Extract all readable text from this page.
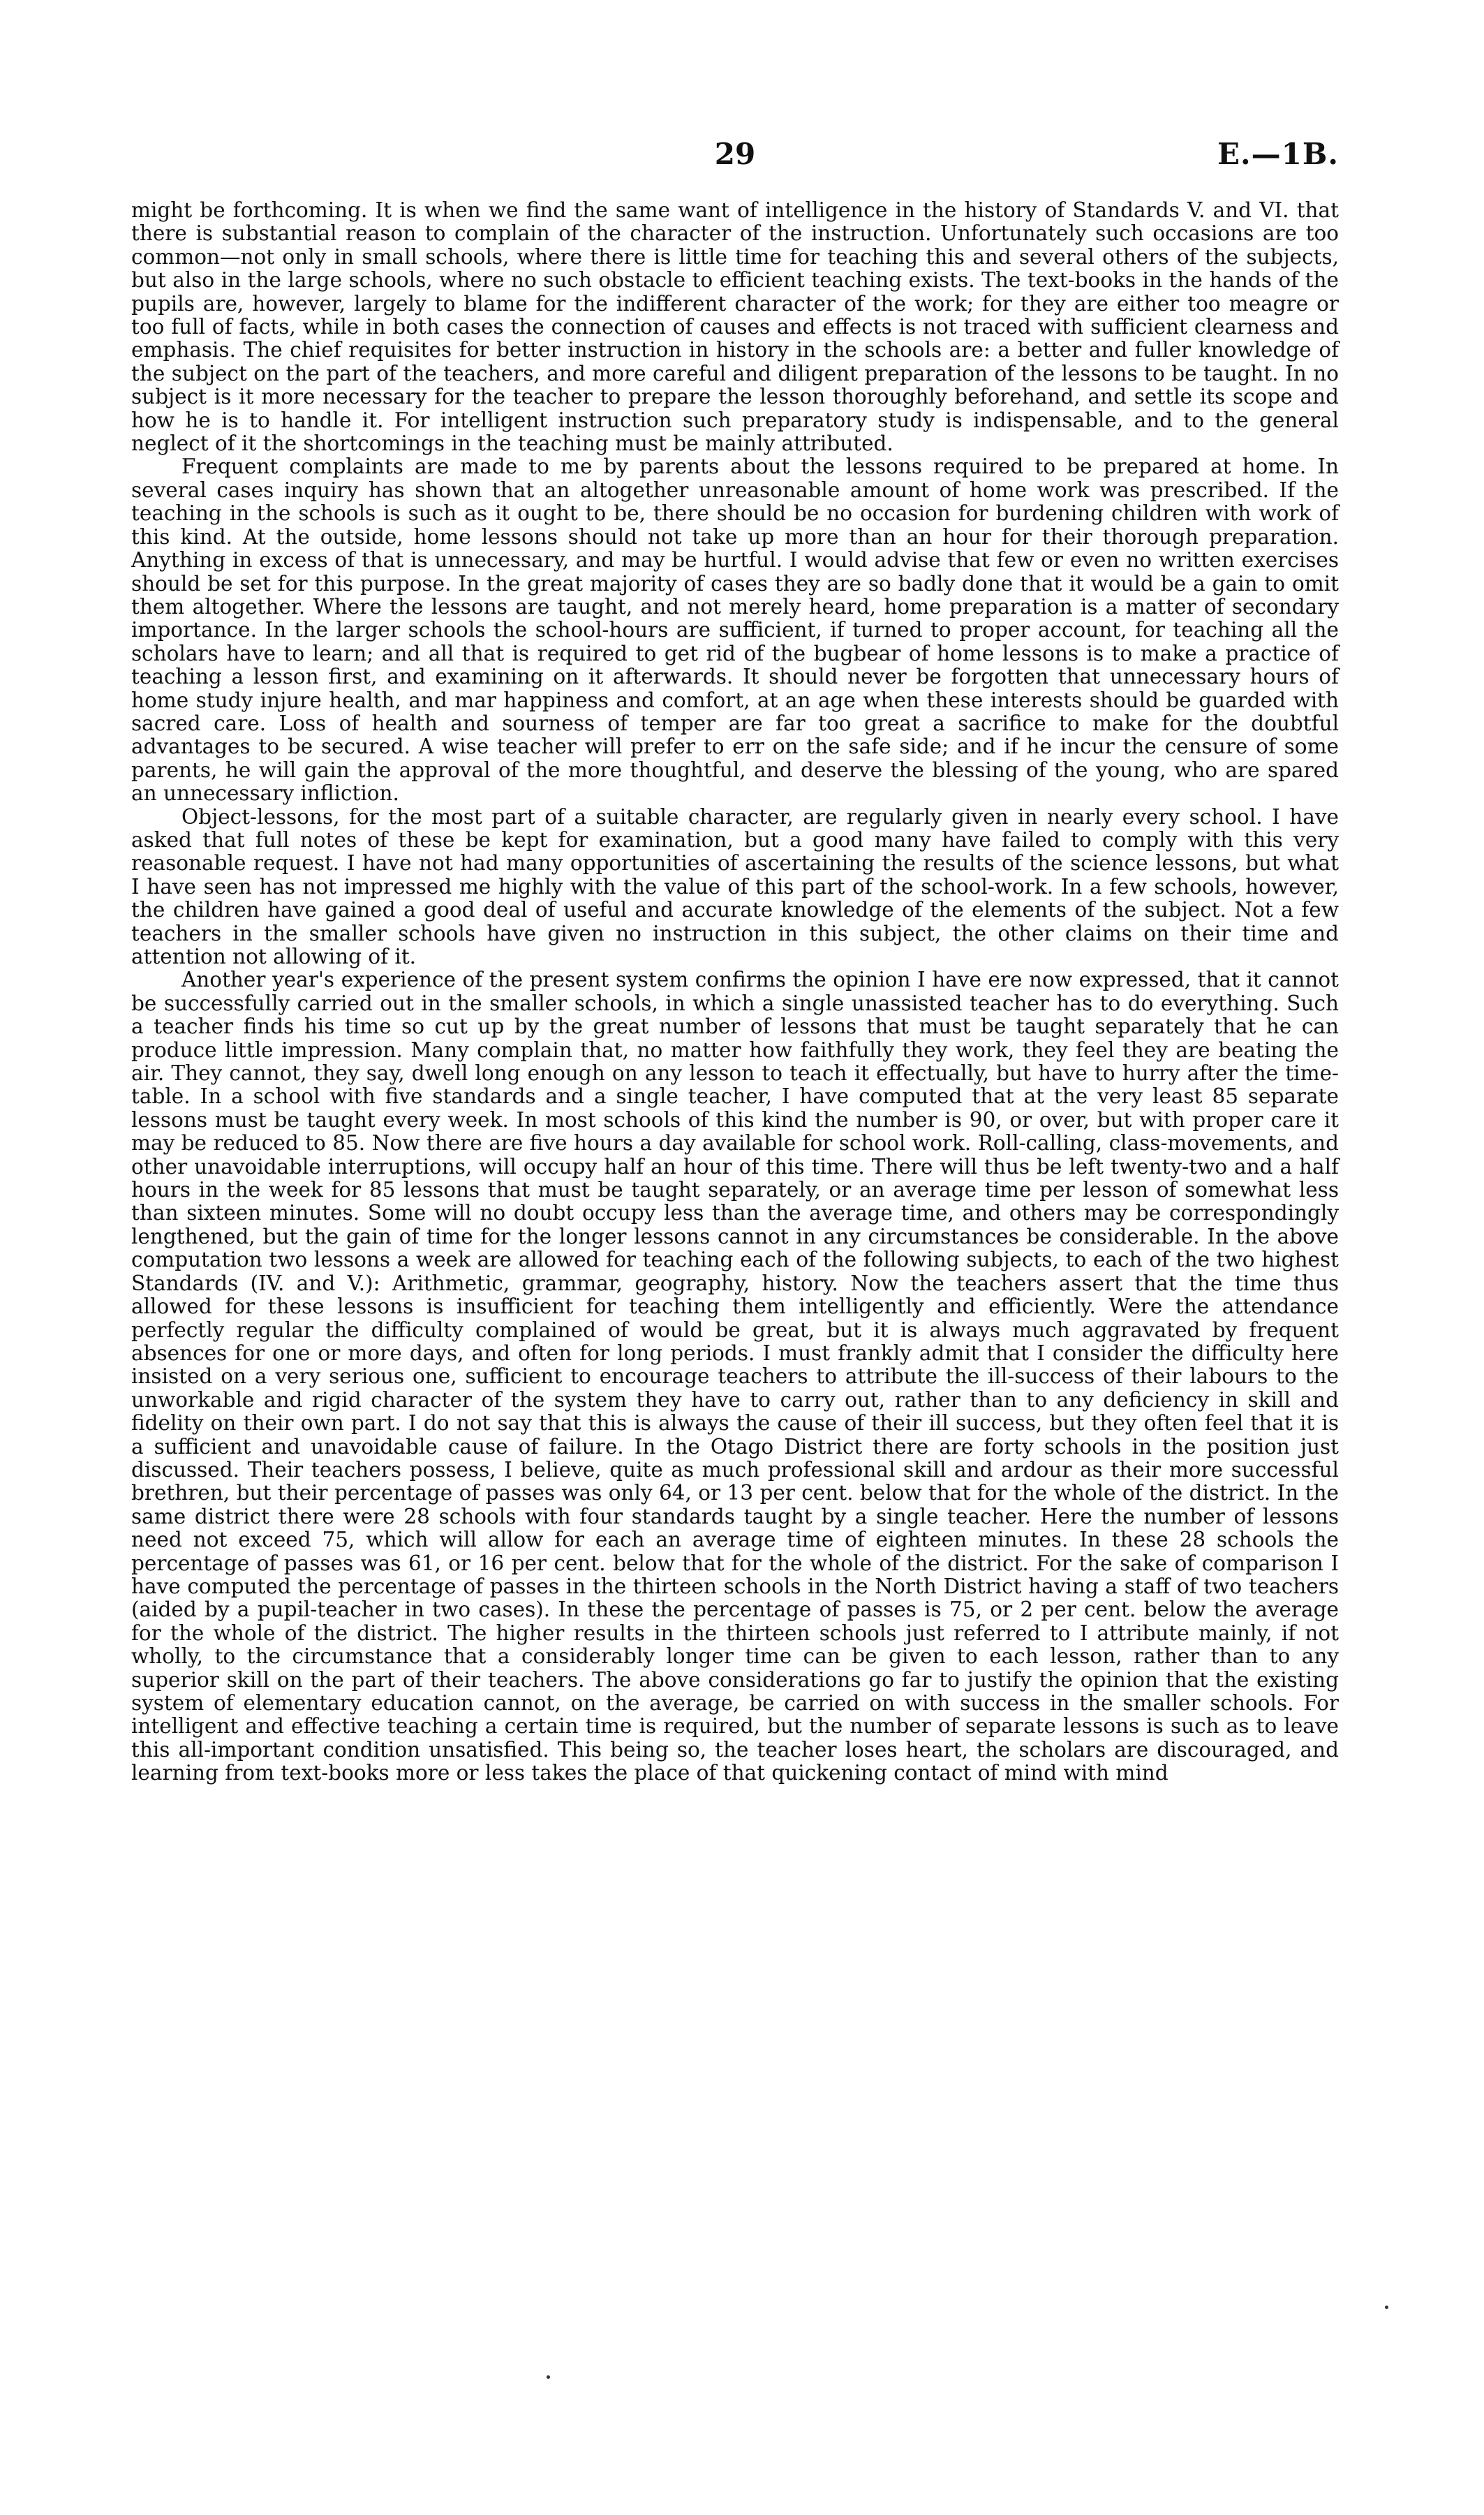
29	E.—1B.

might be forthcoming. It is when we find the same want of intelligence in the history of Standards V. and VI. that there is substantial reason to complain of the character of the instruction. Unfortunately such occasions are too common—not only in small schools, where there is little time for teaching this and several others of the subjects, but also in the large schools, where no such obstacle to efficient teaching exists. The text-books in the hands of the pupils are, however, largely to blame for the indifferent character of the work; for they are either too meagre or too full of facts, while in both cases the connection of causes and effects is not traced with sufficient clearness and emphasis. The chief requisites for better instruction in history in the schools are: a better and fuller knowledge of the subject on the part of the teachers, and more careful and diligent preparation of the lessons to be taught. In no subject is it more necessary for the teacher to prepare the lesson thoroughly beforehand, and settle its scope and how he is to handle it. For intelligent instruction such preparatory study is indispensable, and to the general neglect of it the shortcomings in the teaching must be mainly attributed.

Frequent complaints are made to me by parents about the lessons required to be prepared at home. In several cases inquiry has shown that an altogether unreasonable amount of home work was prescribed. If the teaching in the schools is such as it ought to be, there should be no occasion for burdening children with work of this kind. At the outside, home lessons should not take up more than an hour for their thorough preparation. Anything in excess of that is unnecessary, and may be hurtful. I would advise that few or even no written exercises should be set for this purpose. In the great majority of cases they are so badly done that it would be a gain to omit them altogether. Where the lessons are taught, and not merely heard, home preparation is a matter of secondary importance. In the larger schools the school-hours are sufficient, if turned to proper account, for teaching all the scholars have to learn; and all that is required to get rid of the bugbear of home lessons is to make a practice of teaching a lesson first, and examining on it afterwards. It should never be forgotten that unnecessary hours of home study injure health, and mar happiness and comfort, at an age when these interests should be guarded with sacred care. Loss of health and sourness of temper are far too great a sacrifice to make for the doubtful advantages to be secured. A wise teacher will prefer to err on the safe side; and if he incur the censure of some parents, he will gain the approval of the more thoughtful, and deserve the blessing of the young, who are spared an unnecessary infliction.

Object-lessons, for the most part of a suitable character, are regularly given in nearly every school. I have asked that full notes of these be kept for examination, but a good many have failed to comply with this very reasonable request. I have not had many opportunities of ascertaining the results of the science lessons, but what I have seen has not impressed me highly with the value of this part of the school-work. In a few schools, however, the children have gained a good deal of useful and accurate knowledge of the elements of the subject. Not a few teachers in the smaller schools have given no instruction in this subject, the other claims on their time and attention not allowing of it.

Another year's experience of the present system confirms the opinion I have ere now expressed, that it cannot be successfully carried out in the smaller schools, in which a single unassisted teacher has to do everything. Such a teacher finds his time so cut up by the great number of lessons that must be taught separately that he can produce little impression. Many complain that, no matter how faithfully they work, they feel they are beating the air. They cannot, they say, dwell long enough on any lesson to teach it effectually, but have to hurry after the time-table. In a school with five standards and a single teacher, I have computed that at the very least 85 separate lessons must be taught every week. In most schools of this kind the number is 90, or over, but with proper care it may be reduced to 85. Now there are five hours a day available for school work. Roll-calling, class-movements, and other unavoidable interruptions, will occupy half an hour of this time. There will thus be left twenty-two and a half hours in the week for 85 lessons that must be taught separately, or an average time per lesson of somewhat less than sixteen minutes. Some will no doubt occupy less than the average time, and others may be correspondingly lengthened, but the gain of time for the longer lessons cannot in any circumstances be considerable. In the above computation two lessons a week are allowed for teaching each of the following subjects, to each of the two highest Standards (IV. and V.): Arithmetic, grammar, geography, history. Now the teachers assert that the time thus allowed for these lessons is insufficient for teaching them intelligently and efficiently. Were the attendance perfectly regular the difficulty complained of would be great, but it is always much aggravated by frequent absences for one or more days, and often for long periods. I must frankly admit that I consider the difficulty here insisted on a very serious one, sufficient to encourage teachers to attribute the ill-success of their labours to the unworkable and rigid character of the system they have to carry out, rather than to any deficiency in skill and fidelity on their own part. I do not say that this is always the cause of their ill success, but they often feel that it is a sufficient and unavoidable cause of failure. In the Otago District there are forty schools in the position just discussed. Their teachers possess, I believe, quite as much professional skill and ardour as their more successful brethren, but their percentage of passes was only 64, or 13 per cent. below that for the whole of the district. In the same district there were 28 schools with four standards taught by a single teacher. Here the number of lessons need not exceed 75, which will allow for each an average time of eighteen minutes. In these 28 schools the percentage of passes was 61, or 16 per cent. below that for the whole of the district. For the sake of comparison I have computed the percentage of passes in the thirteen schools in the North District having a staff of two teachers (aided by a pupil-teacher in two cases). In these the percentage of passes is 75, or 2 per cent. below the average for the whole of the district. The higher results in the thirteen schools just referred to I attribute mainly, if not wholly, to the circumstance that a considerably longer time can be given to each lesson, rather than to any superior skill on the part of their teachers. The above considerations go far to justify the opinion that the existing system of elementary education cannot, on the average, be carried on with success in the smaller schools. For intelligent and effective teaching a certain time is required, but the number of separate lessons is such as to leave this all-important condition unsatisfied. This being so, the teacher loses heart, the scholars are discouraged, and learning from text-books more or less takes the place of that quickening contact of mind with mind
